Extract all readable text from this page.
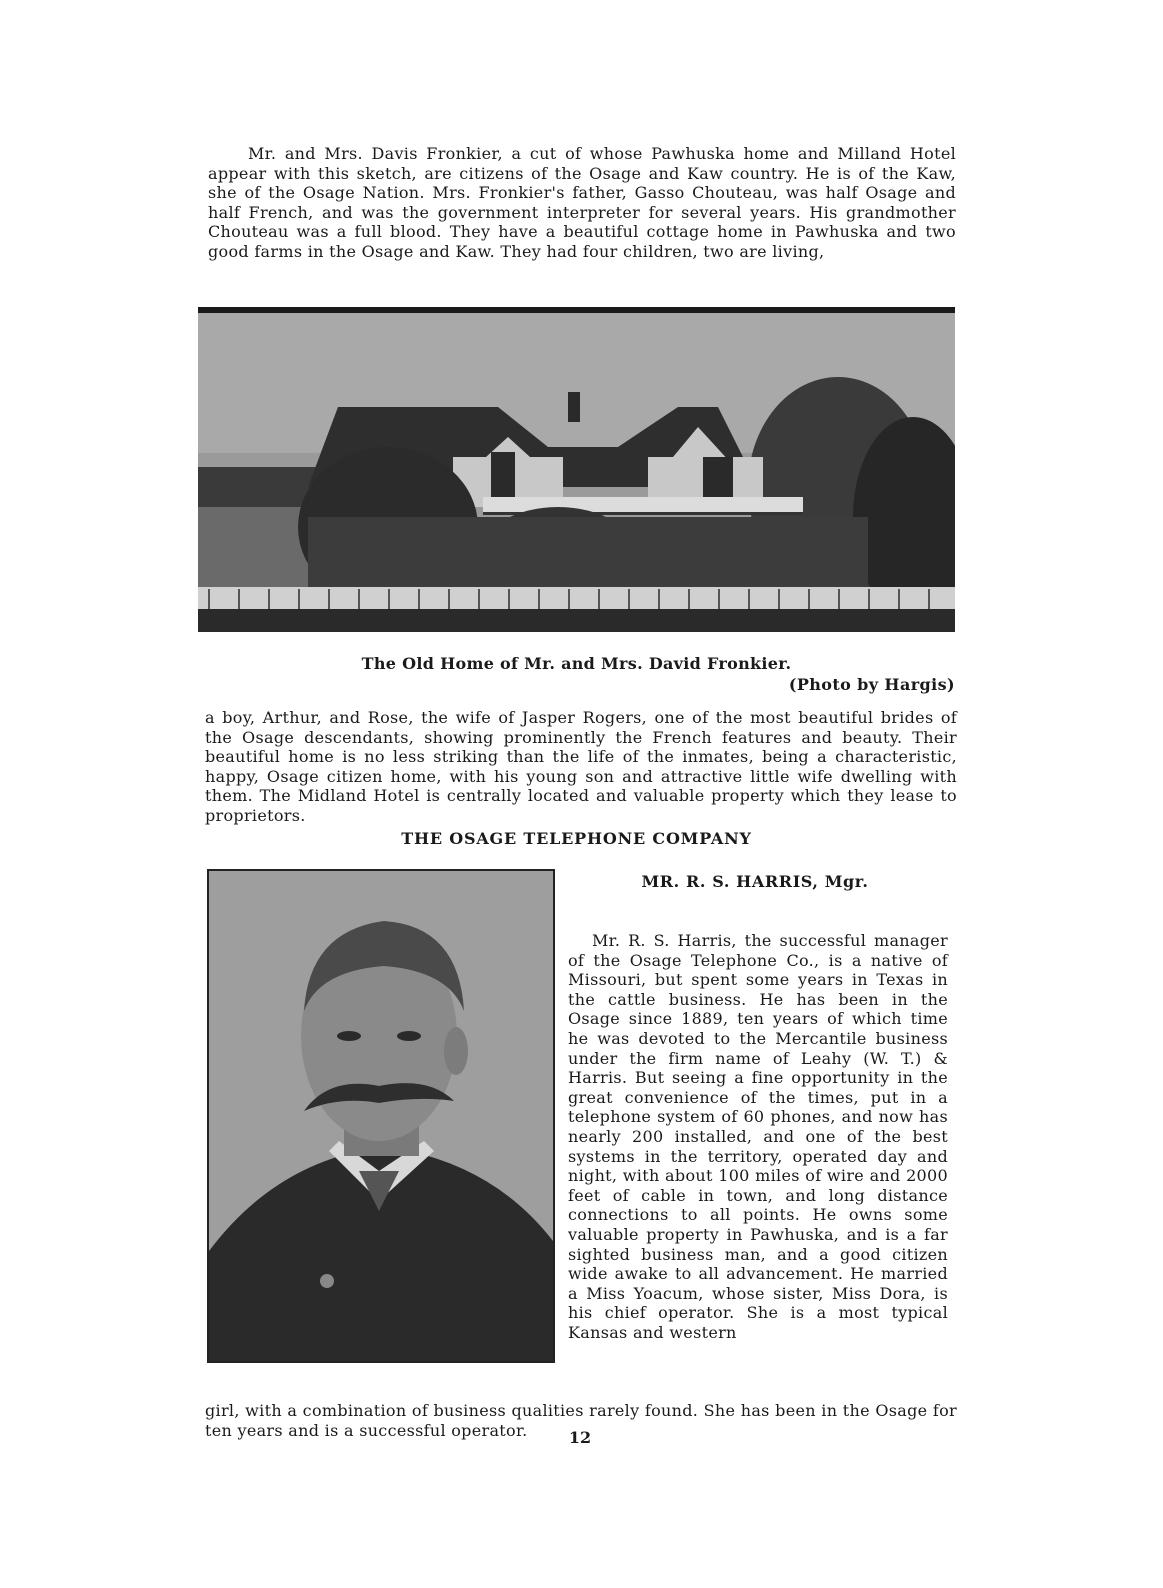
Mr. and Mrs. Davis Fronkier, a cut of whose Pawhuska home and Milland Hotel appear with this sketch, are citizens of the Osage and Kaw country. He is of the Kaw, she of the Osage Nation. Mrs. Fronkier's father, Gasso Chouteau, was half Osage and half French, and was the government interpreter for several years. His grandmother Chouteau was a full blood. They have a beautiful cottage home in Pawhuska and two good farms in the Osage and Kaw. They had four children, two are living,

The Old Home of Mr. and Mrs. David Fronkier.
(Photo by Hargis)

a boy, Arthur, and Rose, the wife of Jasper Rogers, one of the most beautiful brides of the Osage descendants, showing prominently the French features and beauty. Their beautiful home is no less striking than the life of the inmates, being a characteristic, happy, Osage citizen home, with his young son and attractive little wife dwelling with them. The Midland Hotel is centrally located and valuable property which they lease to proprietors.

THE OSAGE TELEPHONE COMPANY
MR. R. S. HARRIS, Mgr.

Mr. R. S. Harris, the successful manager of the Osage Telephone Co., is a native of Missouri, but spent some years in Texas in the cattle business. He has been in the Osage since 1889, ten years of which time he was devoted to the Mercantile business under the firm name of Leahy (W. T.) & Harris. But seeing a fine opportunity in the great convenience of the times, put in a telephone system of 60 phones, and now has nearly 200 installed, and one of the best systems in the territory, operated day and night, with about 100 miles of wire and 2000 feet of cable in town, and long distance connections to all points. He owns some valuable property in Pawhuska, and is a far sighted business man, and a good citizen wide awake to all advancement. He married a Miss Yoacum, whose sister, Miss Dora, is his chief operator. She is a most typical Kansas and western

girl, with a combination of business qualities rarely found. She has been in the Osage for ten years and is a successful operator.	12
